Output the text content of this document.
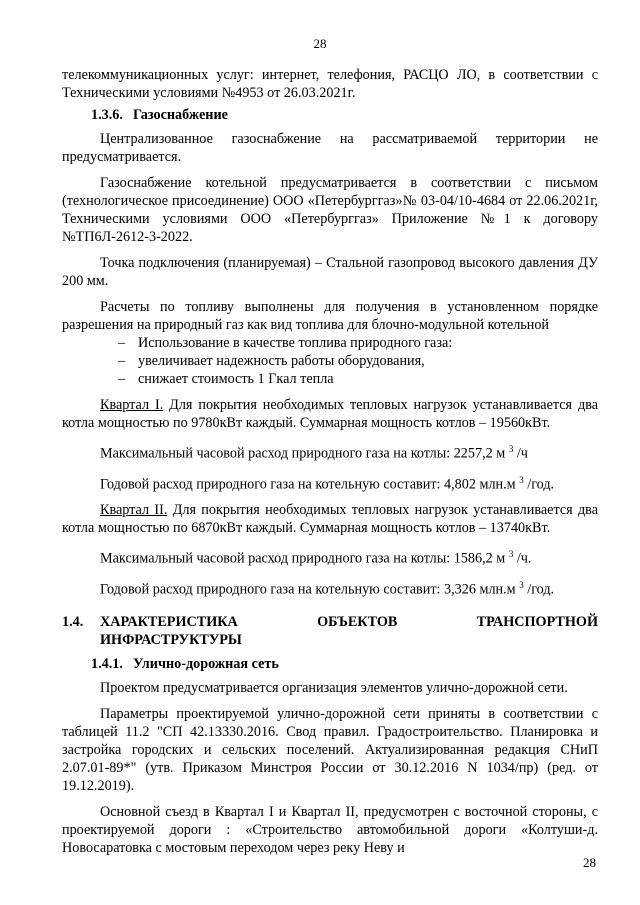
28

телекоммуникационных услуг: интернет, телефония, РАСЦО ЛО, в соответствии с Техническими условиями №4953 от 26.03.2021г.

1.3.6. Газоснабжение

Централизованное газоснабжение на рассматриваемой территории не предусматривается.

Газоснабжение котельной предусматривается в соответствии с письмом (технологическое присоединение) ООО «Петербурггаз»№ 03-04/10-4684 от 22.06.2021г, Техническими условиями ООО «Петербурггаз» Приложение №1 к договору №ТП6Л-2612-3-2022.

Точка подключения (планируемая) – Стальной газопровод высокого давления ДУ 200 мм.

Расчеты по топливу выполнены для получения в установленном порядке разрешения на природный газ как вид топлива для блочно-модульной котельной

– Использование в качестве топлива природного газа:
– увеличивает надежность работы оборудования,
– снижает стоимость 1 Гкал тепла

Квартал I. Для покрытия необходимых тепловых нагрузок устанавливается два котла мощностью по 9780кВт каждый. Суммарная мощность котлов – 19560кВт.

Максимальный часовой расход природного газа на котлы: 2257,2 м $^3$ /ч

Годовой расход природного газа на котельную составит: 4,802 млн.м $^3$ /год.

Квартал II. Для покрытия необходимых тепловых нагрузок устанавливается два котла мощностью по 6870кВт каждый. Суммарная мощность котлов – 13740кВт.

Максимальный часовой расход природного газа на котлы: 1586,2 м $^3$ /ч.

Годовой расход природного газа на котельную составит: 3,326 млн.м $^3$ /год.

1.4.	ХАРАКТЕРИСТИКА	ОБЪЕКТОВ	ТРАНСПОРТНОЙ
ИНФРАСТРУКТУРЫ
1.4.1. Улично-дорожная сеть

Проектом предусматривается организация элементов улично-дорожной сети.

Параметры проектируемой улично-дорожной сети приняты в соответствии с таблицей 11.2 "СП 42.13330.2016. Свод правил. Градостроительство. Планировка и застройка городских и сельских поселений. Актуализированная редакция СНиП 2.07.01-89*" (утв. Приказом Минстроя России от 30.12.2016 N 1034/пр) (ред. от 19.12.2019).

Основной съезд в Квартал I и Квартал II, предусмотрен с восточной стороны, с проектируемой дороги : «Строительство автомобильной дороги «Колтуши-д. Новосаратовка с мостовым переходом через реку Неву и

28
